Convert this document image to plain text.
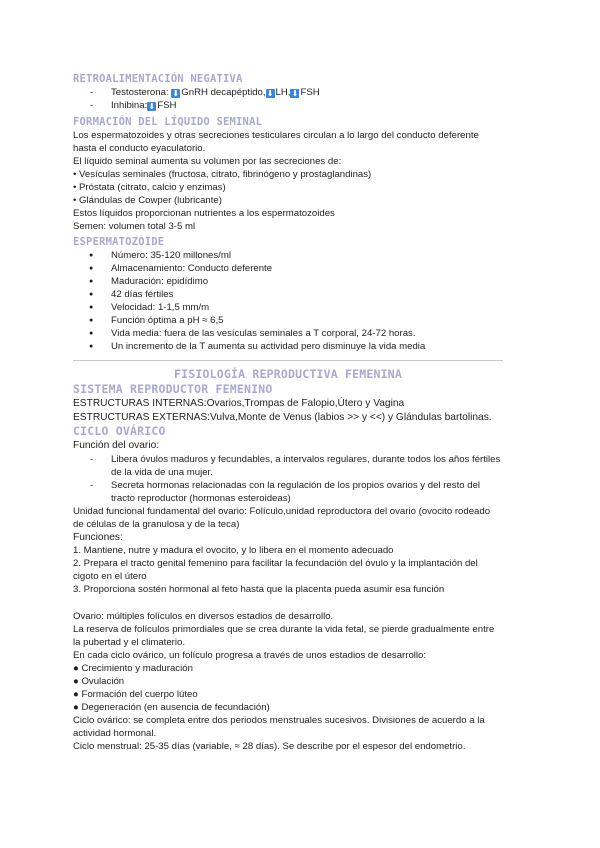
RETROALIMENTACIÓN NEGATIVA
- Testosterona: ⬇ GnRH decapéptido,⬇ LH,⬇ FSH
- Inhibina:⬇ FSH
FORMACIÓN DEL LÍQUIDO SEMINAL

Los espermatozoides y otras secreciones testiculares circulan a lo largo del conducto deferente hasta el conducto eyaculatorio.

El líquido seminal aumenta su volumen por las secreciones de:

• Vesículas seminales (fructosa, citrato, fibrinógeno y prostaglandinas)

• Próstata (citrato, calcio y enzimas)

• Glándulas de Cowper (lubricante)

Estos líquidos proporcionan nutrientes a los espermatozoides

Semen: volumen total 3-5 ml

ESPERMATOZOIDE
● Número: 35-120 millones/ml
● Almacenamiento: Conducto deferente
● Maduración: epidídimo
● 42 días fértiles
● Velocidad: 1-1,5 mm/m
● Función óptima a pH ≈ 6,5
● Vida media: fuera de las vesículas seminales a T corporal, 24-72 horas.
● Un incremento de la T aumenta su actividad pero disminuye la vida media
FISIOLOGÍA REPRODUCTIVA FEMENINA
SISTEMA REPRODUCTOR FEMENINO

ESTRUCTURAS INTERNAS:Ovarios,Trompas de Falopio,Útero y Vagina

ESTRUCTURAS EXTERNAS:Vulva,Monte de Venus (labios >> y <<) y Glándulas bartolinas.

CICLO OVÁRICO

Función del ovario:

- Libera óvulos maduros y fecundables, a intervalos regulares, durante todos los años fértiles de la vida de una mujer.
- Secreta hormonas relacionadas con la regulación de los propios ovarios y del resto del tracto reproductor (hormonas esteroideas)

Unidad funcional fundamental del ovario: Folículo,unidad reproductora del ovario (ovocito rodeado de células de la granulosa y de la teca)

Funciones:

1. Mantiene, nutre y madura el ovocito, y lo libera en el momento adecuado

2. Prepara el tracto genital femenino para facilitar la fecundación del óvulo y la implantación del cigoto en el útero

3. Proporciona sostén hormonal al feto hasta que la placenta pueda asumir esa función

Ovario: múltiples folículos en diversos estadios de desarrollo.

La reserva de folículos primordiales que se crea durante la vida fetal, se pierde gradualmente entre la pubertad y el climaterio.

En cada ciclo ovárico, un folículo progresa a través de unos estadios de desarrollo:

● Crecimiento y maduración

● Ovulación

● Formación del cuerpo lúteo

● Degeneración (en ausencia de fecundación)

Ciclo ovárico: se completa entre dos periodos menstruales sucesivos. Divisiones de acuerdo a la actividad hormonal.

Ciclo menstrual: 25-35 días (variable, ≈ 28 días). Se describe por el espesor del endometrio.
